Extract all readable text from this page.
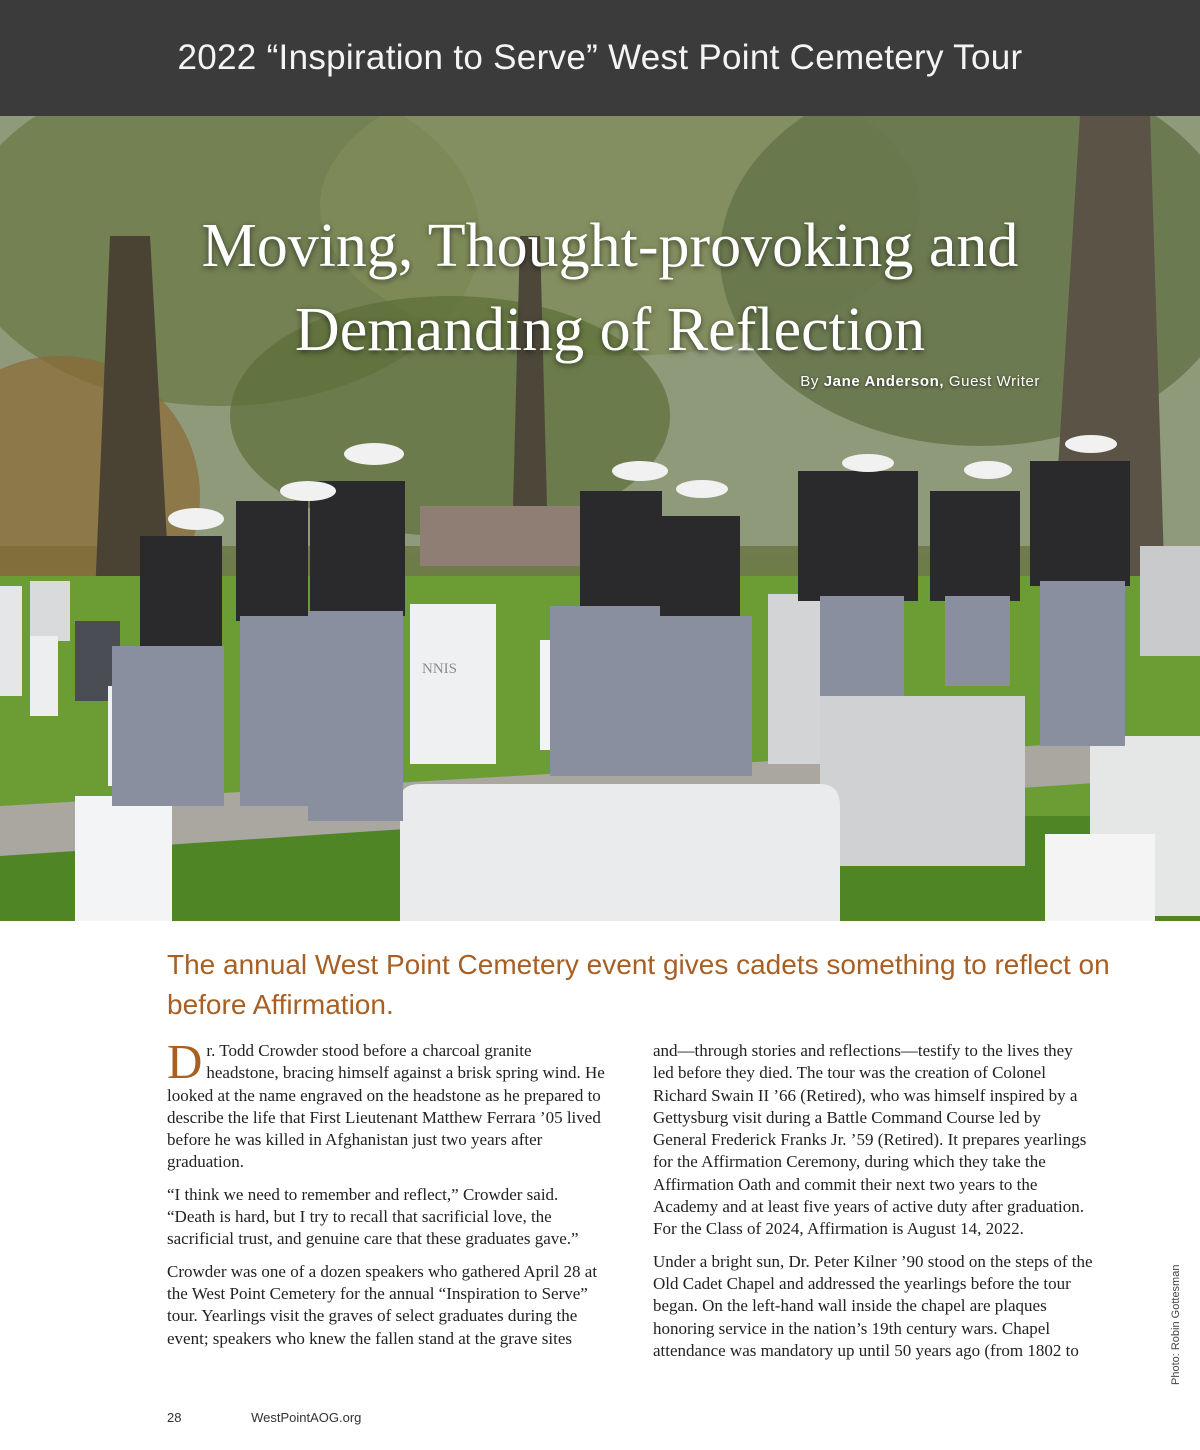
2022 “Inspiration to Serve” West Point Cemetery Tour
NNIS
Moving, Thought-provoking and Demanding of Reflection
By Jane Anderson, Guest Writer
The annual West Point Cemetery event gives cadets something to reflect on before Affirmation.

Dr. Todd Crowder stood before a charcoal granite headstone, bracing himself against a brisk spring wind. He looked at the name engraved on the headstone as he prepared to describe the life that First Lieutenant Matthew Ferrara ’05 lived before he was killed in Afghanistan just two years after graduation.

“I think we need to remember and reflect,” Crowder said. “Death is hard, but I try to recall that sacrificial love, the sacrificial trust, and genuine care that these graduates gave.”

Crowder was one of a dozen speakers who gathered April 28 at the West Point Cemetery for the annual “Inspiration to Serve” tour. Yearlings visit the graves of select graduates during the event; speakers who knew the fallen stand at the grave sites

and—through stories and reflections—testify to the lives they led before they died. The tour was the creation of Colonel Richard Swain II ’66 (Retired), who was himself inspired by a Gettysburg visit during a Battle Command Course led by General Frederick Franks Jr. ’59 (Retired). It prepares yearlings for the Affirmation Ceremony, during which they take the Affirmation Oath and commit their next two years to the Academy and at least five years of active duty after graduation. For the Class of 2024, Affirmation is August 14, 2022.

Under a bright sun, Dr. Peter Kilner ’90 stood on the steps of the Old Cadet Chapel and addressed the yearlings before the tour began. On the left-hand wall inside the chapel are plaques honoring service in the nation’s 19th century wars. Chapel attendance was mandatory up until 50 years ago (from 1802 to	Photo: Robin Gottesman
28	WestPointAOG.org
